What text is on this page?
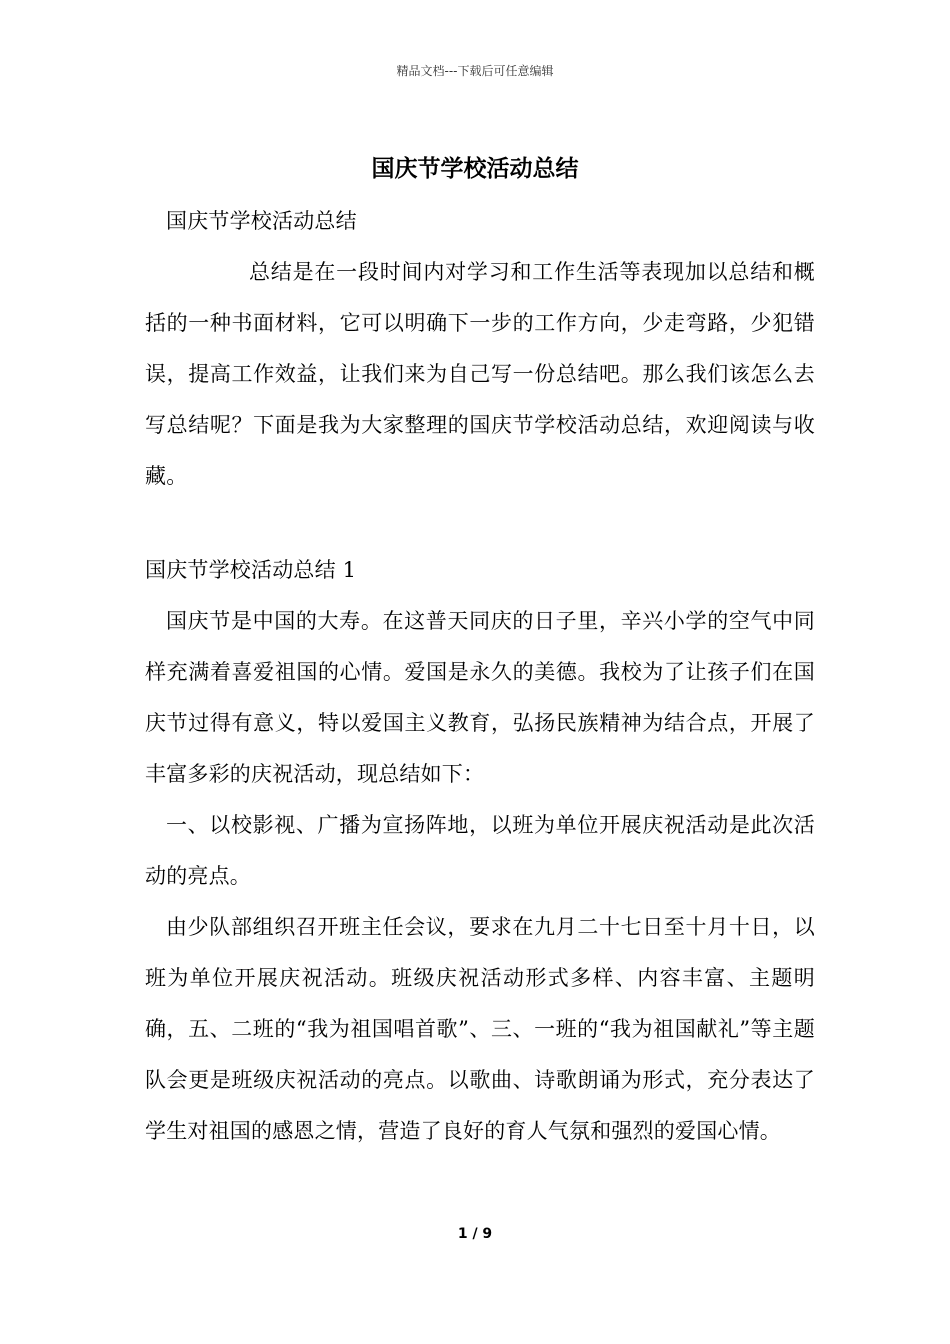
精品文档---下载后可任意编辑
国庆节学校活动总结

国庆节学校活动总结

总结是在一段时间内对学习和工作生活等表现加以总结和概括的一种书面材料，它可以明确下一步的工作方向，少走弯路，少犯错误，提高工作效益，让我们来为自己写一份总结吧。那么我们该怎么去写总结呢？下面是我为大家整理的国庆节学校活动总结，欢迎阅读与收藏。

国庆节学校活动总结 1

国庆节是中国的大寿。在这普天同庆的日子里，辛兴小学的空气中同样充满着喜爱祖国的心情。爱国是永久的美德。我校为了让孩子们在国庆节过得有意义，特以爱国主义教育，弘扬民族精神为结合点，开展了丰富多彩的庆祝活动，现总结如下：

一、以校影视、广播为宣扬阵地，以班为单位开展庆祝活动是此次活动的亮点。

由少队部组织召开班主任会议，要求在九月二十七日至十月十日，以班为单位开展庆祝活动。班级庆祝活动形式多样、内容丰富、主题明确，五、二班的“我为祖国唱首歌”、三、一班的“我为祖国献礼”等主题队会更是班级庆祝活动的亮点。以歌曲、诗歌朗诵为形式，充分表达了学生对祖国的感恩之情，营造了良好的育人气氛和强烈的爱国心情。

1 / 9
